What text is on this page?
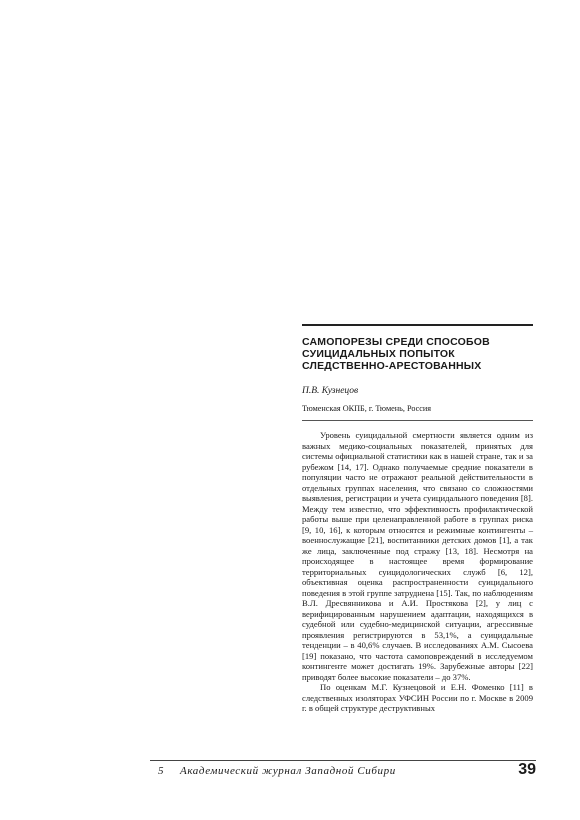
САМОПОРЕЗЫ СРЕДИ СПОСОБОВ
СУИЦИДАЛЬНЫХ ПОПЫТОК
СЛЕДСТВЕННО-АРЕСТОВАННЫХ
П.В. Кузнецов
Тюменская ОКПБ, г. Тюмень, Россия

Уровень суицидальной смертности является одним из важных медико-социальных показателей, принятых для системы официальной статистики как в нашей стране, так и за рубежом [14, 17]. Однако получаемые средние показатели в популяции часто не отражают реальной действительности в отдельных группах населения, что связано со сложностями выявления, регистрации и учета суицидального поведения [8]. Между тем известно, что эффективность профилактической работы выше при целенаправленной работе в группах риска [9, 10, 16], к которым относятся и режимные контингенты – военнослужащие [21], воспитанники детских домов [1], а так же лица, заключенные под стражу [13, 18]. Несмотря на происходящее в настоящее время формирование территориальных суицидологических служб [6, 12], объективная оценка распространенности суицидального поведения в этой группе затруднена [15]. Так, по наблюдениям В.Л. Дресвянникова и А.И. Простякова [2], у лиц с верифицированным нарушением адаптации, находящихся в судебной или судебно-медицинской ситуации, агрессивные проявления регистрируются в 53,1%, а суицидальные тенденции – в 40,6% случаев. В исследованиях А.М. Сысоева [19] показано, что частота самоповреждений в исследуемом контингенте может достигать 19%. Зарубежные авторы [22] приводят более высокие показатели – до 37%.

По оценкам М.Г. Кузнецовой и Е.Н. Фоменко [11] в следственных изоляторах УФСИН России по г. Москве в 2009 г. в общей структуре деструктивных

5 Академический журнал Западной Сибири	39
